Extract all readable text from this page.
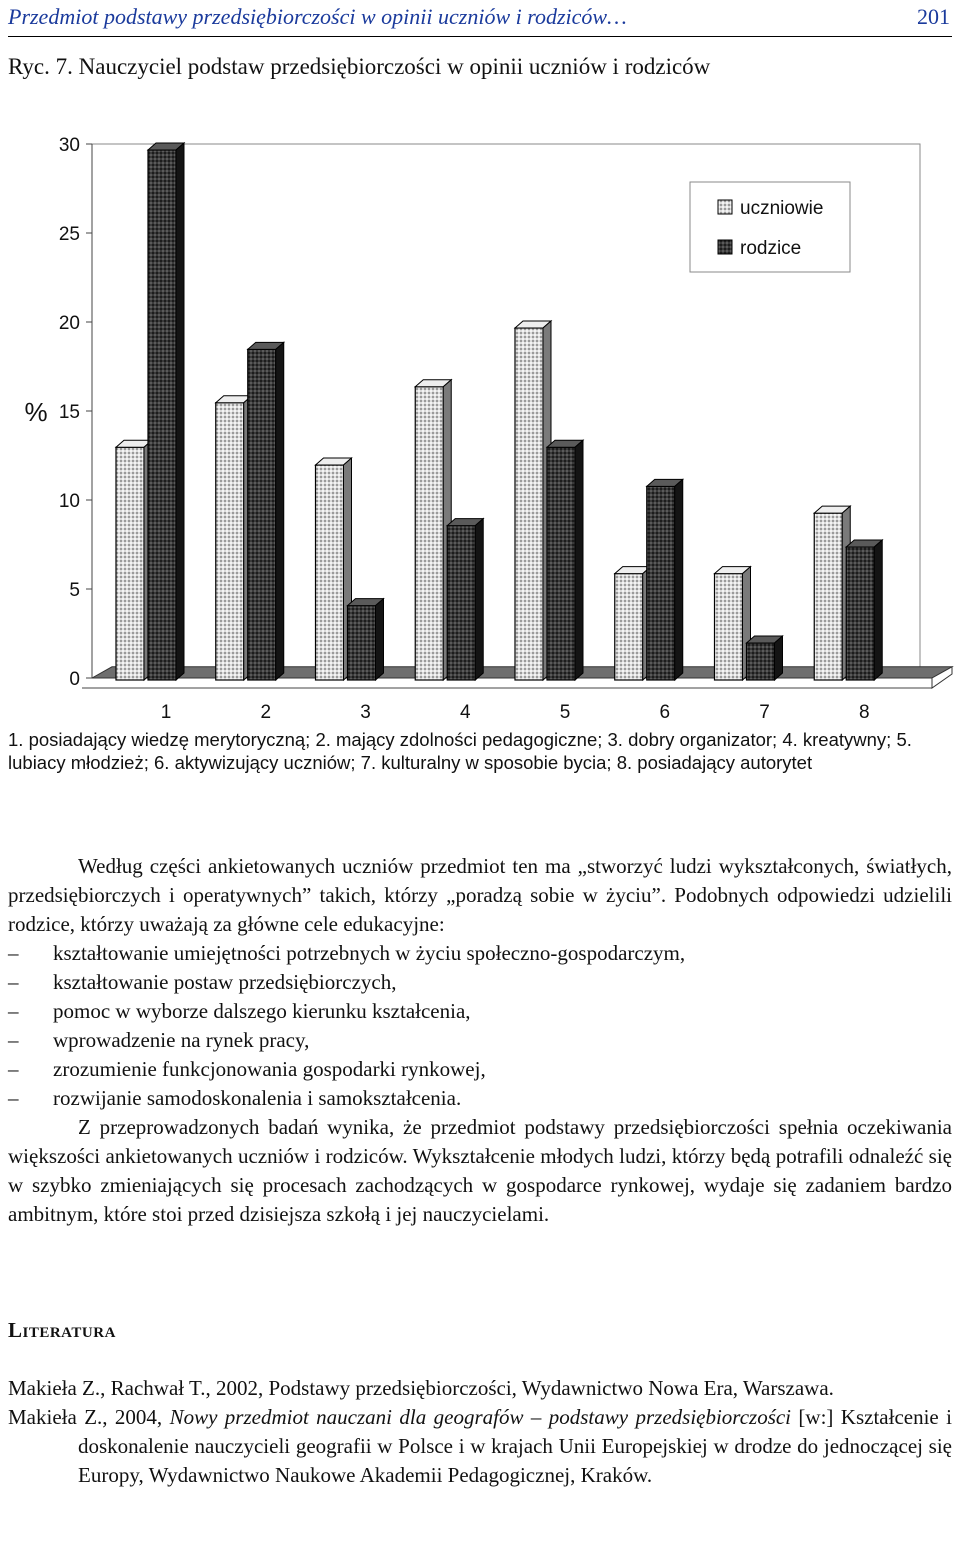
Przedmiot podstawy przedsiębiorczości w opinii uczniów i rodziców…	201
Ryc. 7. Nauczyciel podstaw przedsiębiorczości w opinii uczniów i rodziców
0
5
10
15
20
25
30
%
1	2	3	4	5	6	7	8
uczniowie
rodzice
1. posiadający wiedzę merytoryczną; 2. mający zdolności pedagogiczne; 3. dobry organizator; 4. kreatywny; 5. lubiacy młodzież; 6. aktywizujący uczniów; 7. kulturalny w sposobie bycia; 8. posiadający autorytet

Według części ankietowanych uczniów przedmiot ten ma „stworzyć ludzi wykształconych, światłych, przedsiębiorczych i operatywnych” takich, którzy „poradzą sobie w życiu”. Podobnych odpowiedzi udzielili rodzice, którzy uważają za główne cele edukacyjne:

– kształtowanie umiejętności potrzebnych w życiu społeczno-gospodarczym,
– kształtowanie postaw przedsiębiorczych,
– pomoc w wyborze dalszego kierunku kształcenia,
– wprowadzenie na rynek pracy,
– zrozumienie funkcjonowania gospodarki rynkowej,
– rozwijanie samodoskonalenia i samokształcenia.

Z przeprowadzonych badań wynika, że przedmiot podstawy przedsiębiorczości spełnia oczekiwania większości ankietowanych uczniów i rodziców. Wykształcenie młodych ludzi, którzy będą potrafili odnaleźć się w szybko zmieniających się procesach zachodzących w gospodarce rynkowej, wydaje się zadaniem bardzo ambitnym, które stoi przed dzisiejsza szkołą i jej nauczycielami.

Literatura
Makieła Z., Rachwał T., 2002, Podstawy przedsiębiorczości, Wydawnictwo Nowa Era, Warszawa.
Makieła Z., 2004, Nowy przedmiot nauczani dla geografów – podstawy przedsiębiorczości [w:] Kształcenie i doskonalenie nauczycieli geografii w Polsce i w krajach Unii Europejskiej w drodze do jednoczącej się Europy, Wydawnictwo Naukowe Akademii Pedagogicznej, Kraków.
